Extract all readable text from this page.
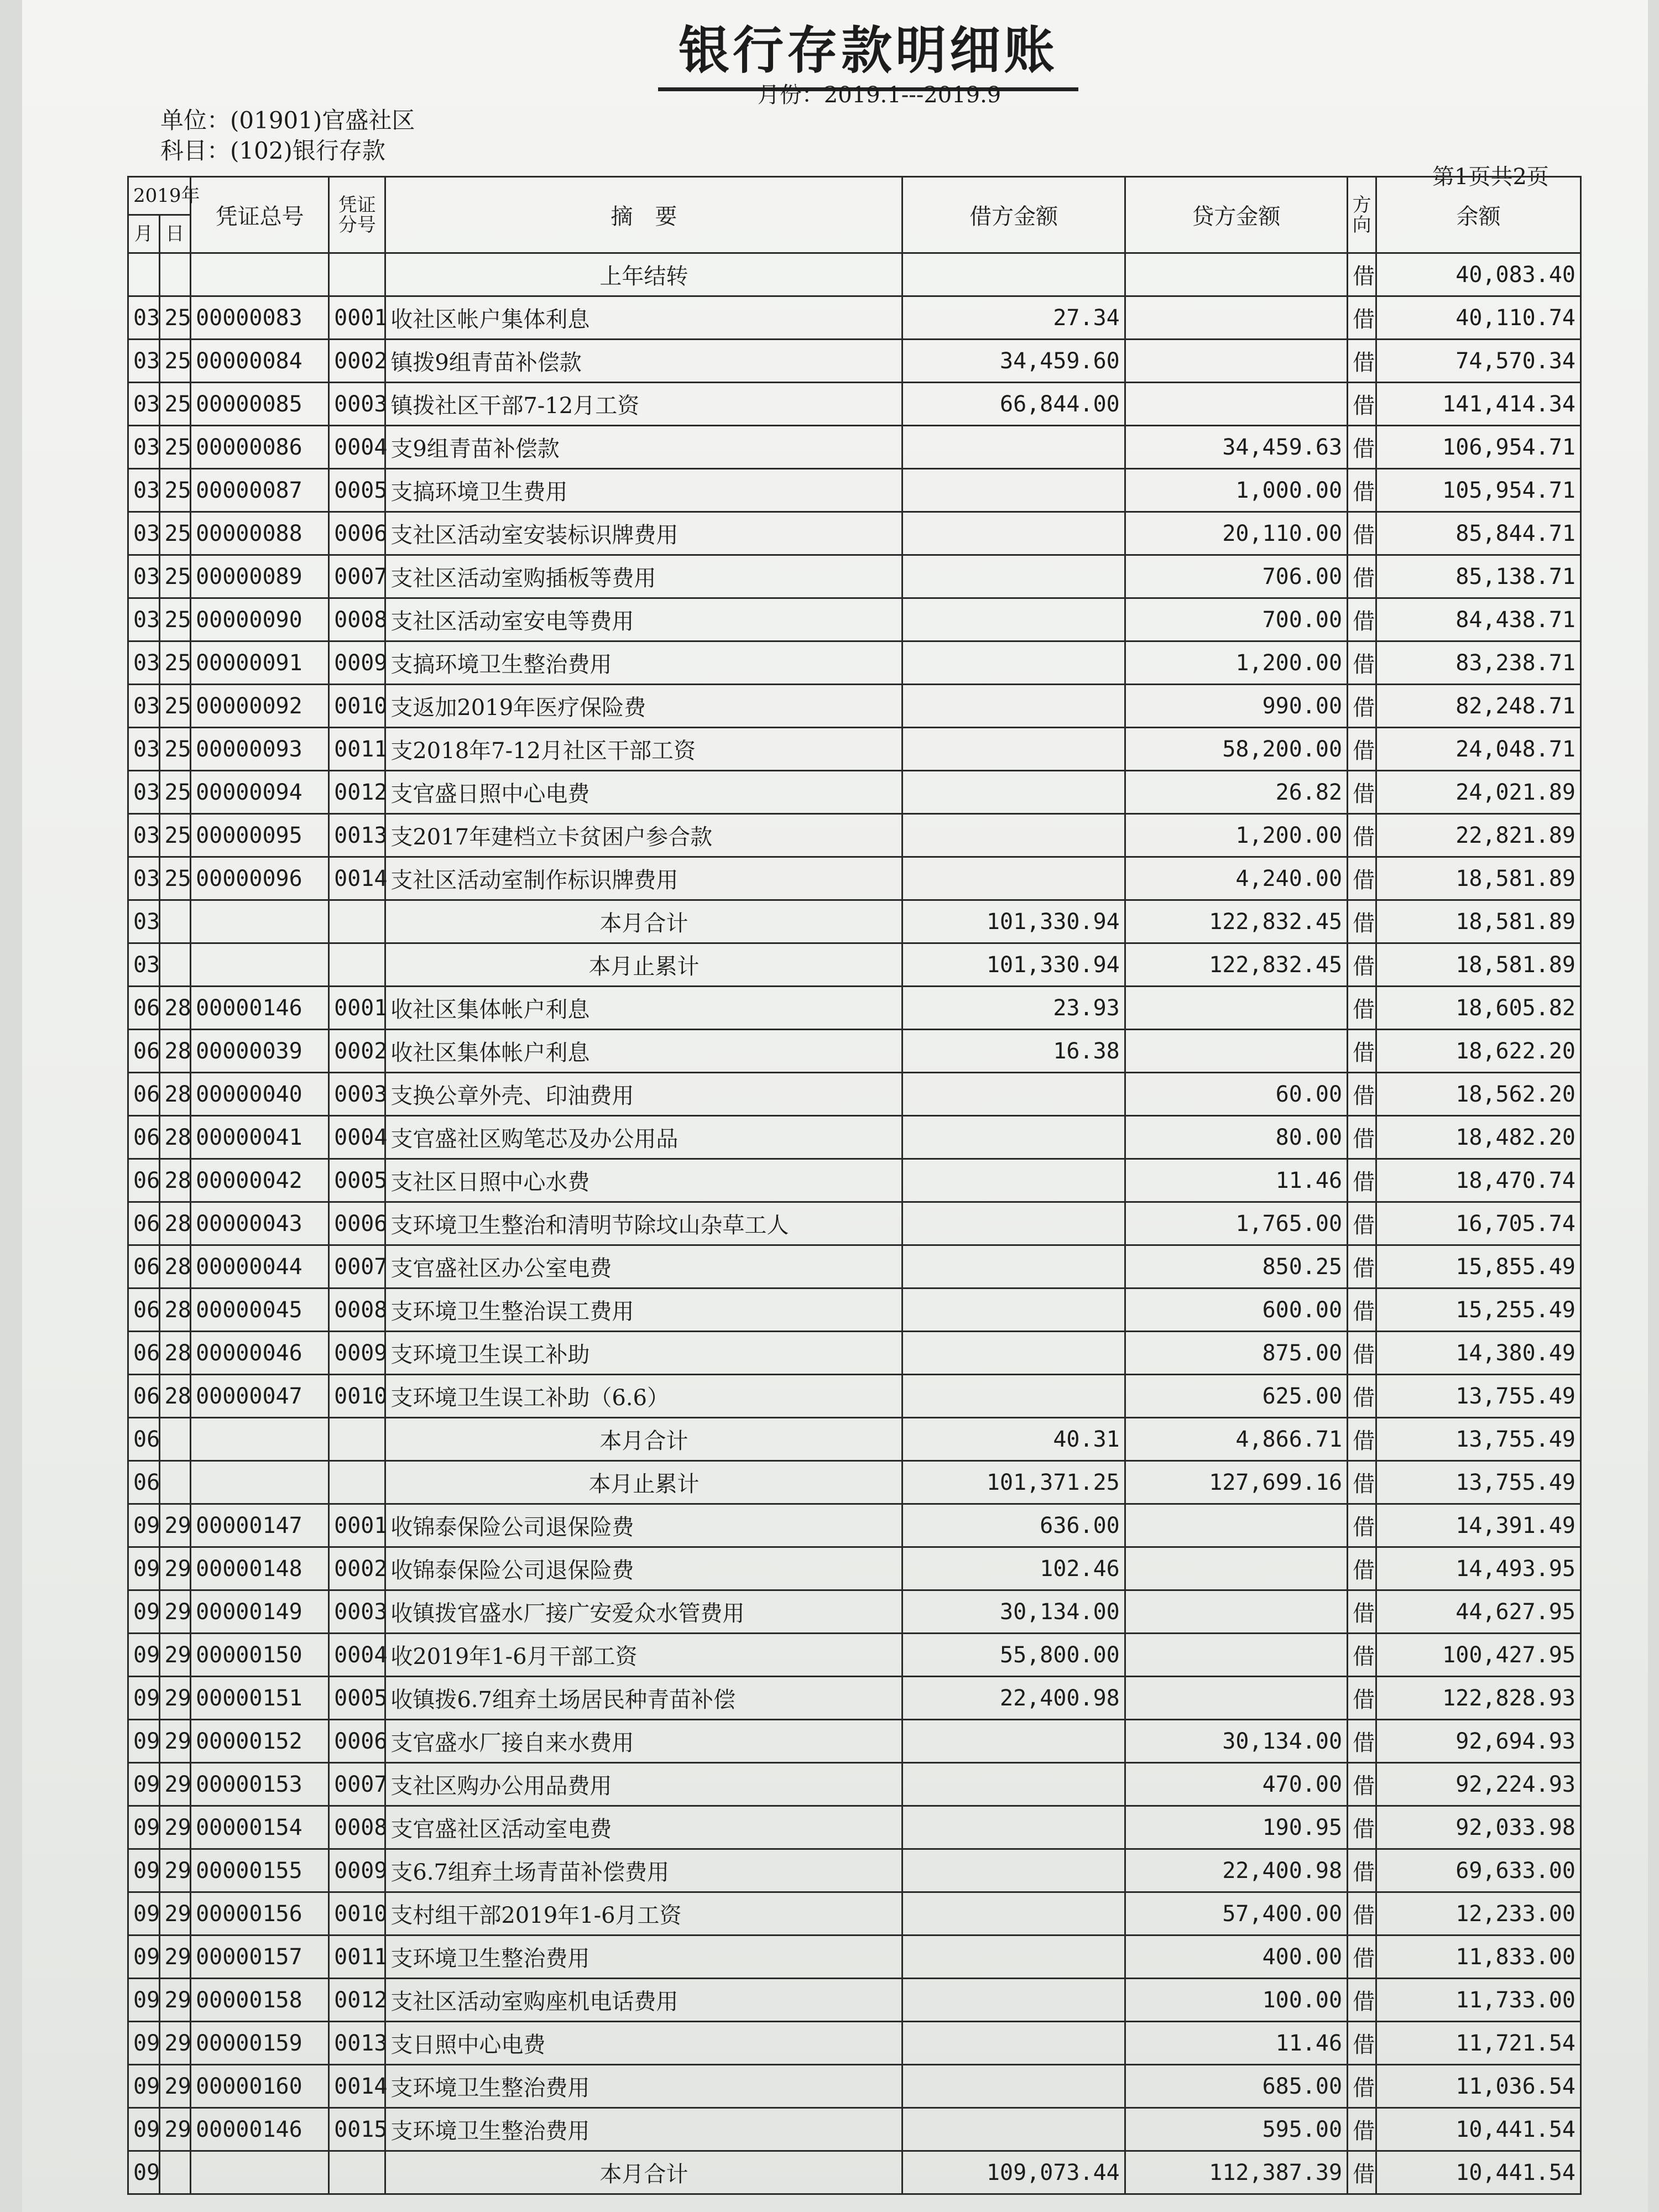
银行存款明细账
月份：2019.1---2019.9
单位：(01901)官盛社区
科目：(102)银行存款
第1页共2页
2019年		凭证总号	凭证分号	摘　要	借方金额	贷方金额	方向	余额
月	日							
				上年结转			借	40,083.40
03	25	00000083	0001	收社区帐户集体利息	27.34		借	40,110.74
03	25	00000084	0002	镇拨9组青苗补偿款	34,459.60		借	74,570.34
03	25	00000085	0003	镇拨社区干部7-12月工资	66,844.00		借	141,414.34
03	25	00000086	0004	支9组青苗补偿款		34,459.63	借	106,954.71
03	25	00000087	0005	支搞环境卫生费用		1,000.00	借	105,954.71
03	25	00000088	0006	支社区活动室安装标识牌费用		20,110.00	借	85,844.71
03	25	00000089	0007	支社区活动室购插板等费用		706.00	借	85,138.71
03	25	00000090	0008	支社区活动室安电等费用		700.00	借	84,438.71
03	25	00000091	0009	支搞环境卫生整治费用		1,200.00	借	83,238.71
03	25	00000092	0010	支返加2019年医疗保险费		990.00	借	82,248.71
03	25	00000093	0011	支2018年7-12月社区干部工资		58,200.00	借	24,048.71
03	25	00000094	0012	支官盛日照中心电费		26.82	借	24,021.89
03	25	00000095	0013	支2017年建档立卡贫困户参合款		1,200.00	借	22,821.89
03	25	00000096	0014	支社区活动室制作标识牌费用		4,240.00	借	18,581.89
03				本月合计	101,330.94	122,832.45	借	18,581.89
03				本月止累计	101,330.94	122,832.45	借	18,581.89
06	28	00000146	0001	收社区集体帐户利息	23.93		借	18,605.82
06	28	00000039	0002	收社区集体帐户利息	16.38		借	18,622.20
06	28	00000040	0003	支换公章外壳、印油费用		60.00	借	18,562.20
06	28	00000041	0004	支官盛社区购笔芯及办公用品		80.00	借	18,482.20
06	28	00000042	0005	支社区日照中心水费		11.46	借	18,470.74
06	28	00000043	0006	支环境卫生整治和清明节除坟山杂草工人		1,765.00	借	16,705.74
06	28	00000044	0007	支官盛社区办公室电费		850.25	借	15,855.49
06	28	00000045	0008	支环境卫生整治误工费用		600.00	借	15,255.49
06	28	00000046	0009	支环境卫生误工补助		875.00	借	14,380.49
06	28	00000047	0010	支环境卫生误工补助（6.6）		625.00	借	13,755.49
06				本月合计	40.31	4,866.71	借	13,755.49
06				本月止累计	101,371.25	127,699.16	借	13,755.49
09	29	00000147	0001	收锦泰保险公司退保险费	636.00		借	14,391.49
09	29	00000148	0002	收锦泰保险公司退保险费	102.46		借	14,493.95
09	29	00000149	0003	收镇拨官盛水厂接广安爱众水管费用	30,134.00		借	44,627.95
09	29	00000150	0004	收2019年1-6月干部工资	55,800.00		借	100,427.95
09	29	00000151	0005	收镇拨6.7组弃土场居民种青苗补偿	22,400.98		借	122,828.93
09	29	00000152	0006	支官盛水厂接自来水费用		30,134.00	借	92,694.93
09	29	00000153	0007	支社区购办公用品费用		470.00	借	92,224.93
09	29	00000154	0008	支官盛社区活动室电费		190.95	借	92,033.98
09	29	00000155	0009	支6.7组弃土场青苗补偿费用		22,400.98	借	69,633.00
09	29	00000156	0010	支村组干部2019年1-6月工资		57,400.00	借	12,233.00
09	29	00000157	0011	支环境卫生整治费用		400.00	借	11,833.00
09	29	00000158	0012	支社区活动室购座机电话费用		100.00	借	11,733.00
09	29	00000159	0013	支日照中心电费		11.46	借	11,721.54
09	29	00000160	0014	支环境卫生整治费用		685.00	借	11,036.54
09	29	00000146	0015	支环境卫生整治费用		595.00	借	10,441.54
09				本月合计	109,073.44	112,387.39	借	10,441.54
